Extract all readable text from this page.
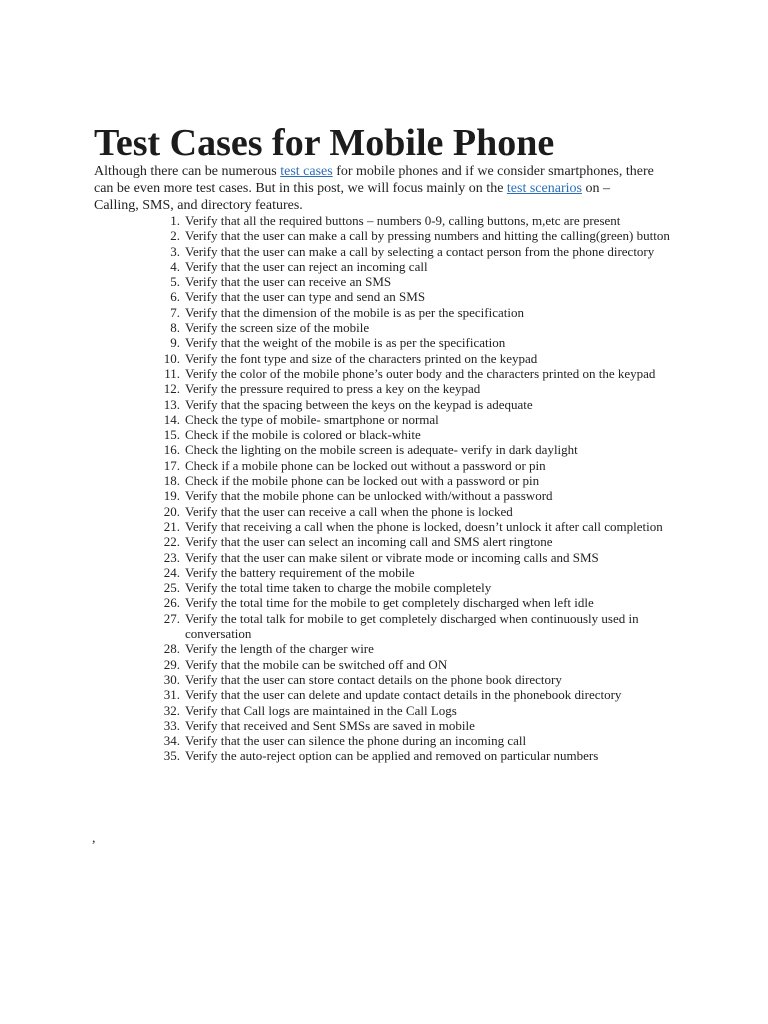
Test Cases for Mobile Phone

Although there can be numerous test cases for mobile phones and if we consider smartphones, there can be even more test cases. But in this post, we will focus mainly on the test scenarios on – Calling, SMS, and directory features.

1. Verify that all the required buttons – numbers 0-9, calling buttons, m,etc are present
2. Verify that the user can make a call by pressing numbers and hitting the calling(green) button
3. Verify that the user can make a call by selecting a contact person from the phone directory
4. Verify that the user can reject an incoming call
5. Verify that the user can receive an SMS
6. Verify that the user can type and send an SMS
7. Verify that the dimension of the mobile is as per the specification
8. Verify the screen size of the mobile
9. Verify that the weight of the mobile is as per the specification
10. Verify the font type and size of the characters printed on the keypad
11. Verify the color of the mobile phone’s outer body and the characters printed on the keypad
12. Verify the pressure required to press a key on the keypad
13. Verify that the spacing between the keys on the keypad is adequate
14. Check the type of mobile- smartphone or normal
15. Check if the mobile is colored or black-white
16. Check the lighting on the mobile screen is adequate- verify in dark daylight
17. Check if a mobile phone can be locked out without a password or pin
18. Check if the mobile phone can be locked out with a password or pin
19. Verify that the mobile phone can be unlocked with/without a password
20. Verify that the user can receive a call when the phone is locked
21. Verify that receiving a call when the phone is locked, doesn’t unlock it after call completion
22. Verify that the user can select an incoming call and SMS alert ringtone
23. Verify that the user can make silent or vibrate mode or incoming calls and SMS
24. Verify the battery requirement of the mobile
25. Verify the total time taken to charge the mobile completely
26. Verify the total time for the mobile to get completely discharged when left idle
27. Verify the total talk for mobile to get completely discharged when continuously used in conversation
28. Verify the length of the charger wire
29. Verify that the mobile can be switched off and ON
30. Verify that the user can store contact details on the phone book directory
31. Verify that the user can delete and update contact details in the phonebook directory
32. Verify that Call logs are maintained in the Call Logs
33. Verify that received and Sent SMSs are saved in mobile
34. Verify that the user can silence the phone during an incoming call
35. Verify the auto-reject option can be applied and removed on particular numbers
,
